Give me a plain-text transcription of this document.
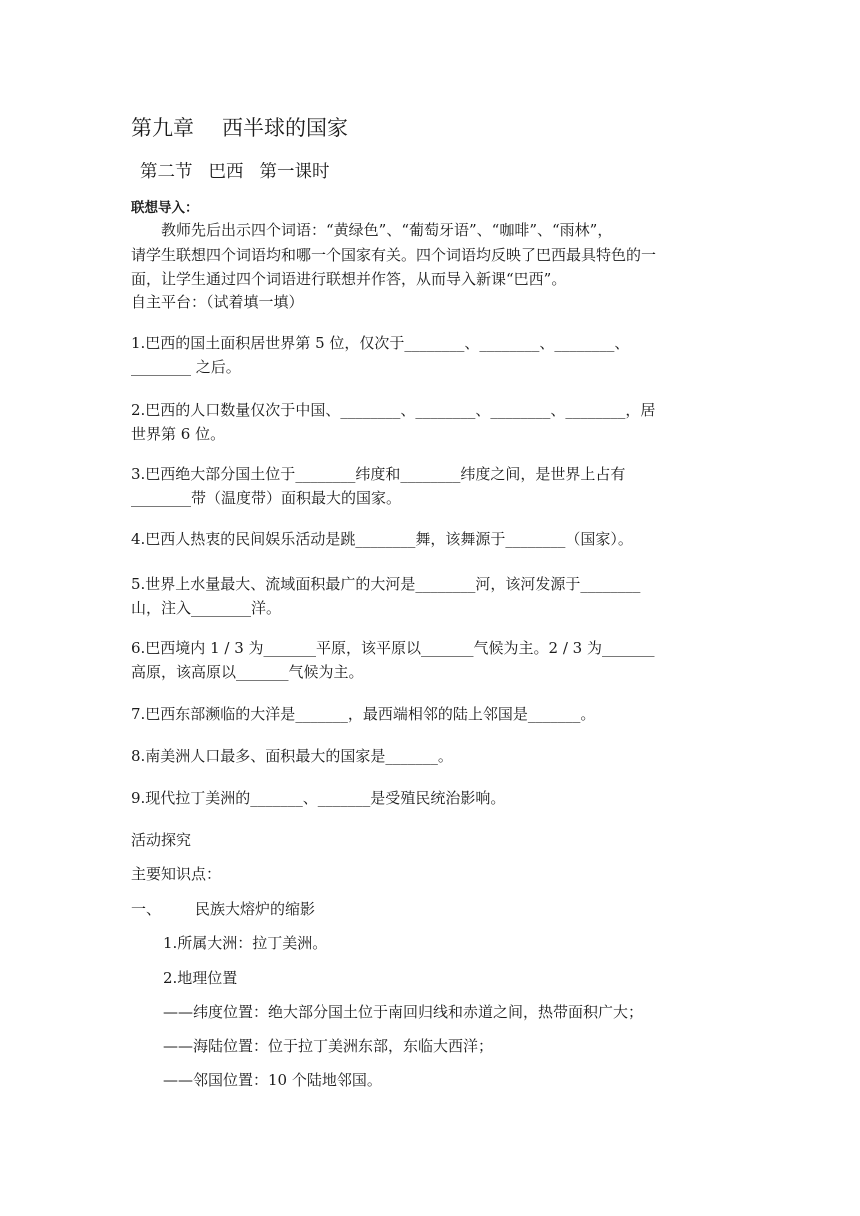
第九章 西半球的国家
第二节 巴西 第一课时
联想导入：
教师先后出示四个词语：“黄绿色”、“葡萄牙语”、“咖啡”、“雨林”，
请学生联想四个词语均和哪一个国家有关。四个词语均反映了巴西最具特色的一
面，让学生通过四个词语进行联想并作答，从而导入新课“巴西”。
自主平台：（试着填一填）
1.巴西的国土面积居世界第 5 位，仅次于________、________、________、
________ 之后。
2.巴西的人口数量仅次于中国、________、________、________、________，居
世界第 6 位。
3.巴西绝大部分国土位于________纬度和________纬度之间，是世界上占有
________带（温度带）面积最大的国家。
4.巴西人热衷的民间娱乐活动是跳________舞，该舞源于________（国家）。
5.世界上水量最大、流域面积最广的大河是________河，该河发源于________
山，注入________洋。
6.巴西境内 1 / 3 为_______平原，该平原以_______气候为主。2 / 3 为_______
高原，该高原以_______气候为主。
7.巴西东部濒临的大洋是_______，最西端相邻的陆上邻国是_______。
8.南美洲人口最多、面积最大的国家是_______。
9.现代拉丁美洲的_______、_______是受殖民统治影响。
活动探究
主要知识点：
一、 民族大熔炉的缩影
1.所属大洲：拉丁美洲。
2.地理位置
——纬度位置：绝大部分国土位于南回归线和赤道之间，热带面积广大；
——海陆位置：位于拉丁美洲东部，东临大西洋；
——邻国位置：10 个陆地邻国。
